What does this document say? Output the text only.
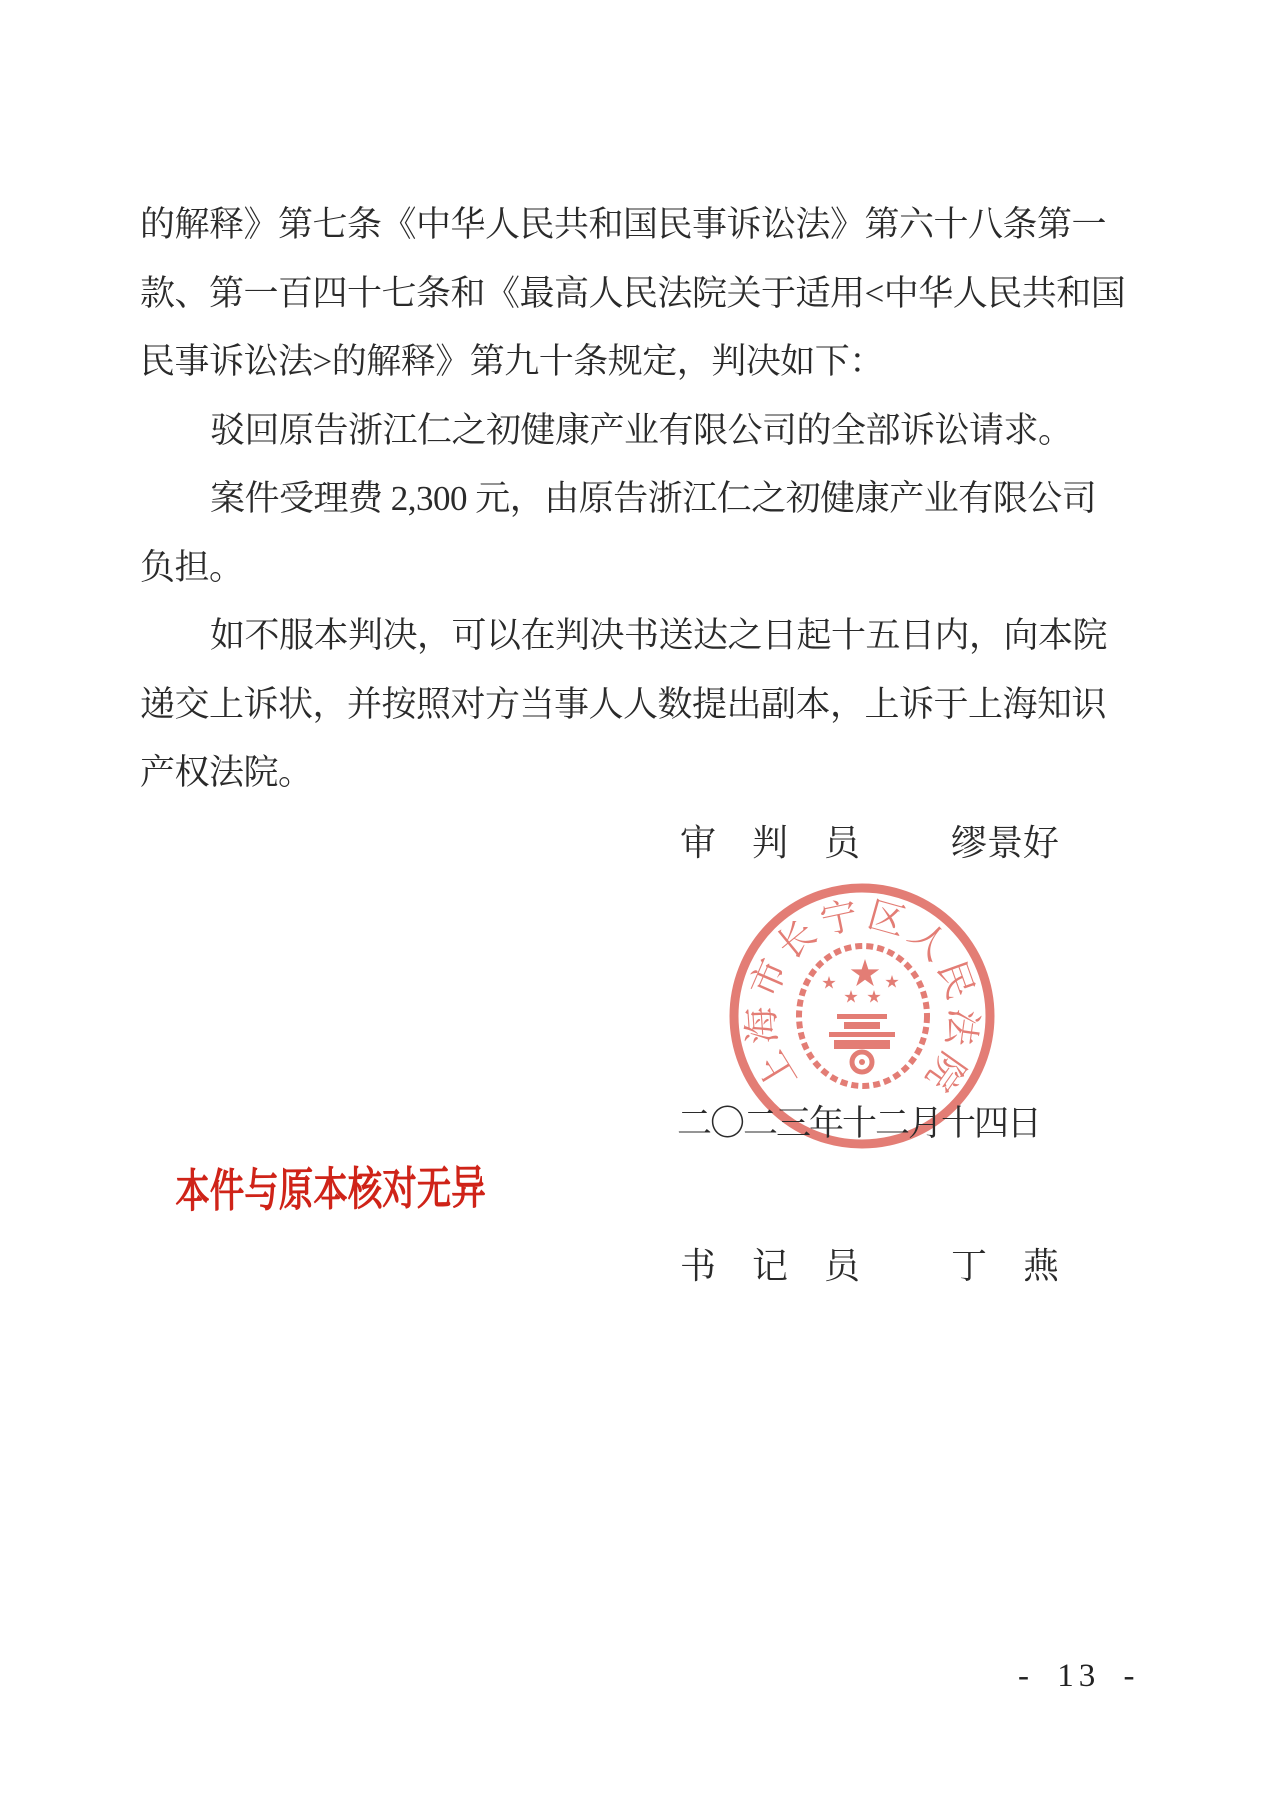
的解释》第七条《中华人民共和国民事诉讼法》第六十八条第一
款、第一百四十七条和《最高人民法院关于适用<中华人民共和国
民事诉讼法>的解释》第九十条规定，判决如下：
驳回原告浙江仁之初健康产业有限公司的全部诉讼请求。
案件受理费 2,300 元，由原告浙江仁之初健康产业有限公司
负担。
如不服本判决，可以在判决书送达之日起十五日内，向本院
递交上诉状，并按照对方当事人人数提出副本，上诉于上海知识
产权法院。
审　判　员	缪景好
上海市长宁区人民法院
二〇二三年十二月十四日
本件与原本核对无异
书　记　员	丁　燕
- 13 -
